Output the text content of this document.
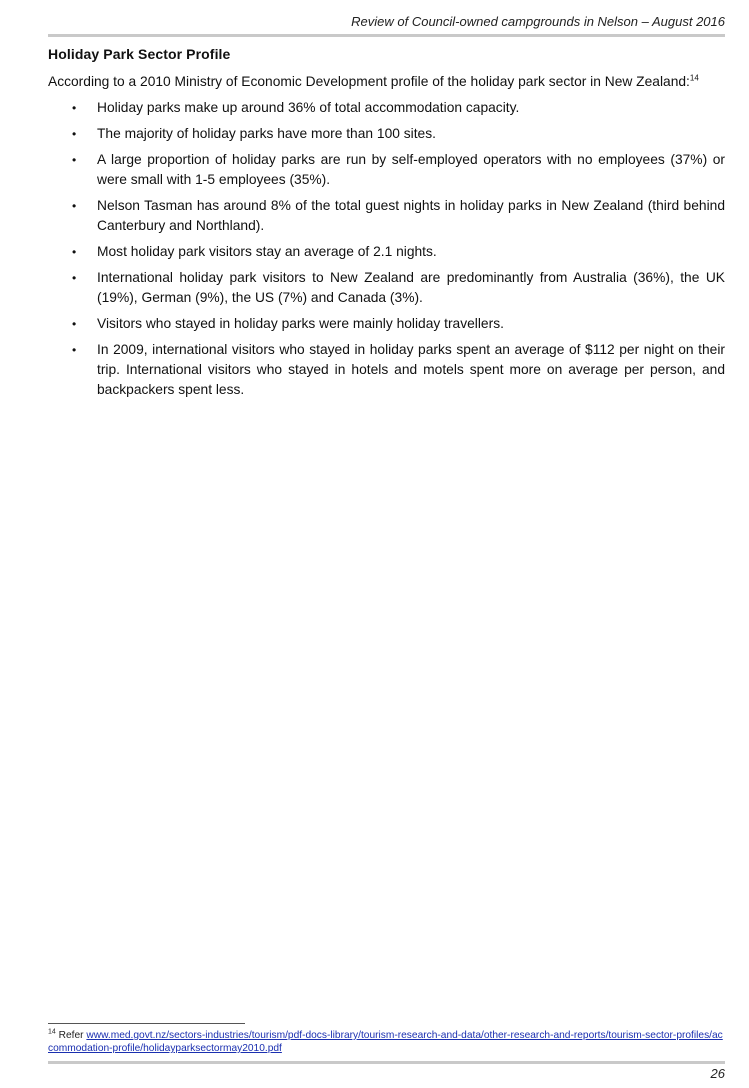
Review of Council-owned campgrounds in Nelson – August 2016
Holiday Park Sector Profile

According to a 2010 Ministry of Economic Development profile of the holiday park sector in New Zealand:$^{14}$

• Holiday parks make up around 36% of total accommodation capacity.
• The majority of holiday parks have more than 100 sites.
• A large proportion of holiday parks are run by self-employed operators with no employees (37%) or were small with 1-5 employees (35%).
• Nelson Tasman has around 8% of the total guest nights in holiday parks in New Zealand (third behind Canterbury and Northland).
• Most holiday park visitors stay an average of 2.1 nights.
• International holiday park visitors to New Zealand are predominantly from Australia (36%), the UK (19%), German (9%), the US (7%) and Canada (3%).
• Visitors who stayed in holiday parks were mainly holiday travellers.
• In 2009, international visitors who stayed in holiday parks spent an average of $112 per night on their trip. International visitors who stayed in hotels and motels spent more on average per person, and backpackers spent less.
$^{14}$ Refer www.med.govt.nz/sectors-industries/tourism/pdf-docs-library/tourism-research-and-data/other-research-and-reports/tourism-sector-profiles/accommodation-profile/holidayparksectormay2010.pdf
26
